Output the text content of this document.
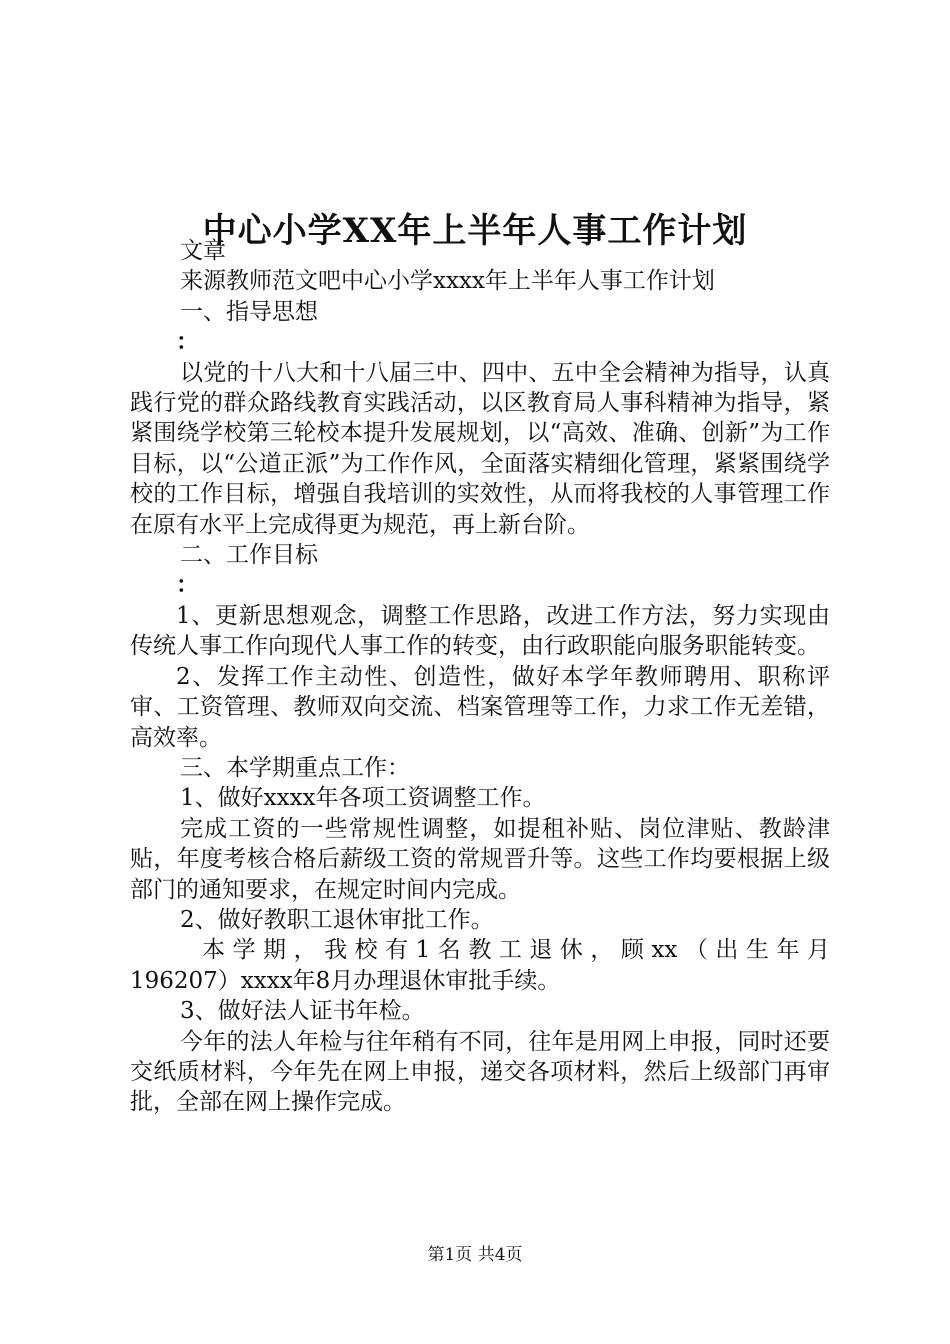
中心小学XX年上半年人事工作计划

文章

来源教师范文吧中心小学xxxx年上半年人事工作计划

一、指导思想

：

以党的十八大和十八届三中、四中、五中全会精神为指导，认真践行党的群众路线教育实践活动，以区教育局人事科精神为指导，紧紧围绕学校第三轮校本提升发展规划，以“高效、准确、创新”为工作目标，以“公道正派”为工作作风，全面落实精细化管理，紧紧围绕学校的工作目标，增强自我培训的实效性，从而将我校的人事管理工作在原有水平上完成得更为规范，再上新台阶。

二、工作目标

：

1、更新思想观念，调整工作思路，改进工作方法，努力实现由传统人事工作向现代人事工作的转变，由行政职能向服务职能转变。

2、发挥工作主动性、创造性，做好本学年教师聘用、职称评审、工资管理、教师双向交流、档案管理等工作，力求工作无差错，高效率。

三、本学期重点工作：

1、做好xxxx年各项工资调整工作。

完成工资的一些常规性调整，如提租补贴、岗位津贴、教龄津贴，年度考核合格后薪级工资的常规晋升等。这些工作均要根据上级部门的通知要求，在规定时间内完成。

2、做好教职工退休审批工作。

本学期，我校有1名教工退休，顾xx（出生年月

196207）xxxx年8月办理退休审批手续。

3、做好法人证书年检。

今年的法人年检与往年稍有不同，往年是用网上申报，同时还要交纸质材料，今年先在网上申报，递交各项材料，然后上级部门再审批，全部在网上操作完成。

第1页 共4页
